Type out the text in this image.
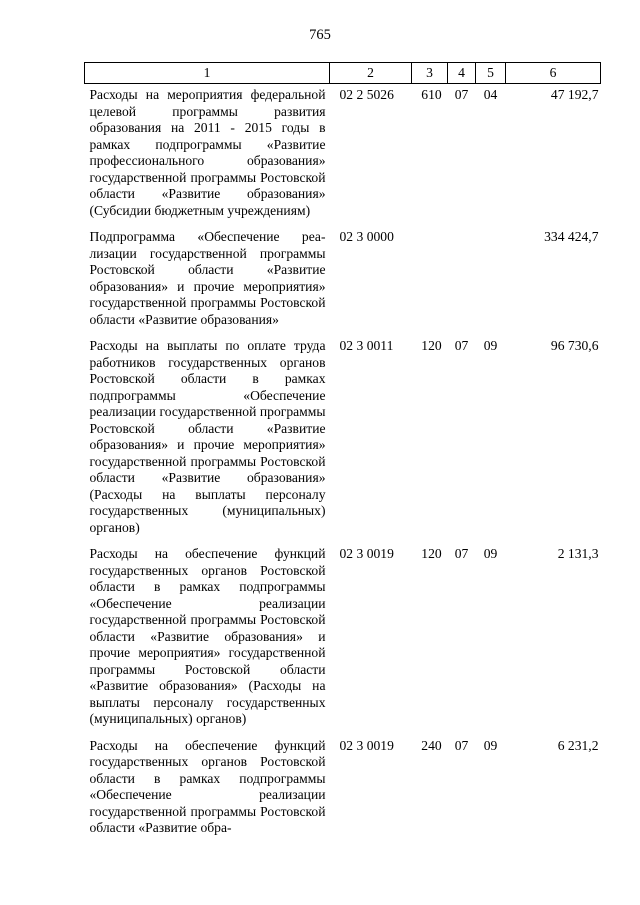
765
1	2	3	4	5	6
Расходы на мероприятия федеральной целевой программы развития образования на 2011 - 2015 годы в рамках подпрограммы «Развитие профессионального образования» государственной программы Ростовской области «Развитие образования» (Субсидии бюджетным учреждениям)	02 2 5026	610	07	04	47 192,7
Подпрограмма «Обеспечение реализации государственной программы Ростовской области «Развитие образования» и прочие мероприятия» государственной программы Ростовской области «Развитие образования»	02 3 0000				334 424,7
Расходы на выплаты по оплате труда работников государственных органов Ростовской области в рамках подпрограммы «Обеспечение реализации государственной программы Ростовской области «Развитие образования» и прочие мероприятия» государственной программы Ростовской области «Развитие образования» (Расходы на выплаты персоналу государственных (муниципальных) органов)	02 3 0011	120	07	09	96 730,6
Расходы на обеспечение функций государственных органов Ростовской области в рамках подпрограммы «Обеспечение реализации государственной программы Ростовской области «Развитие образования» и прочие мероприятия» государственной программы Ростовской области «Развитие образования» (Расходы на выплаты персоналу государственных (муниципальных) органов)	02 3 0019	120	07	09	2 131,3
Расходы на обеспечение функций государственных органов Ростовской области в рамках подпрограммы «Обеспечение реализации государственной программы Ростовской области «Развитие обра-	02 3 0019	240	07	09	6 231,2
